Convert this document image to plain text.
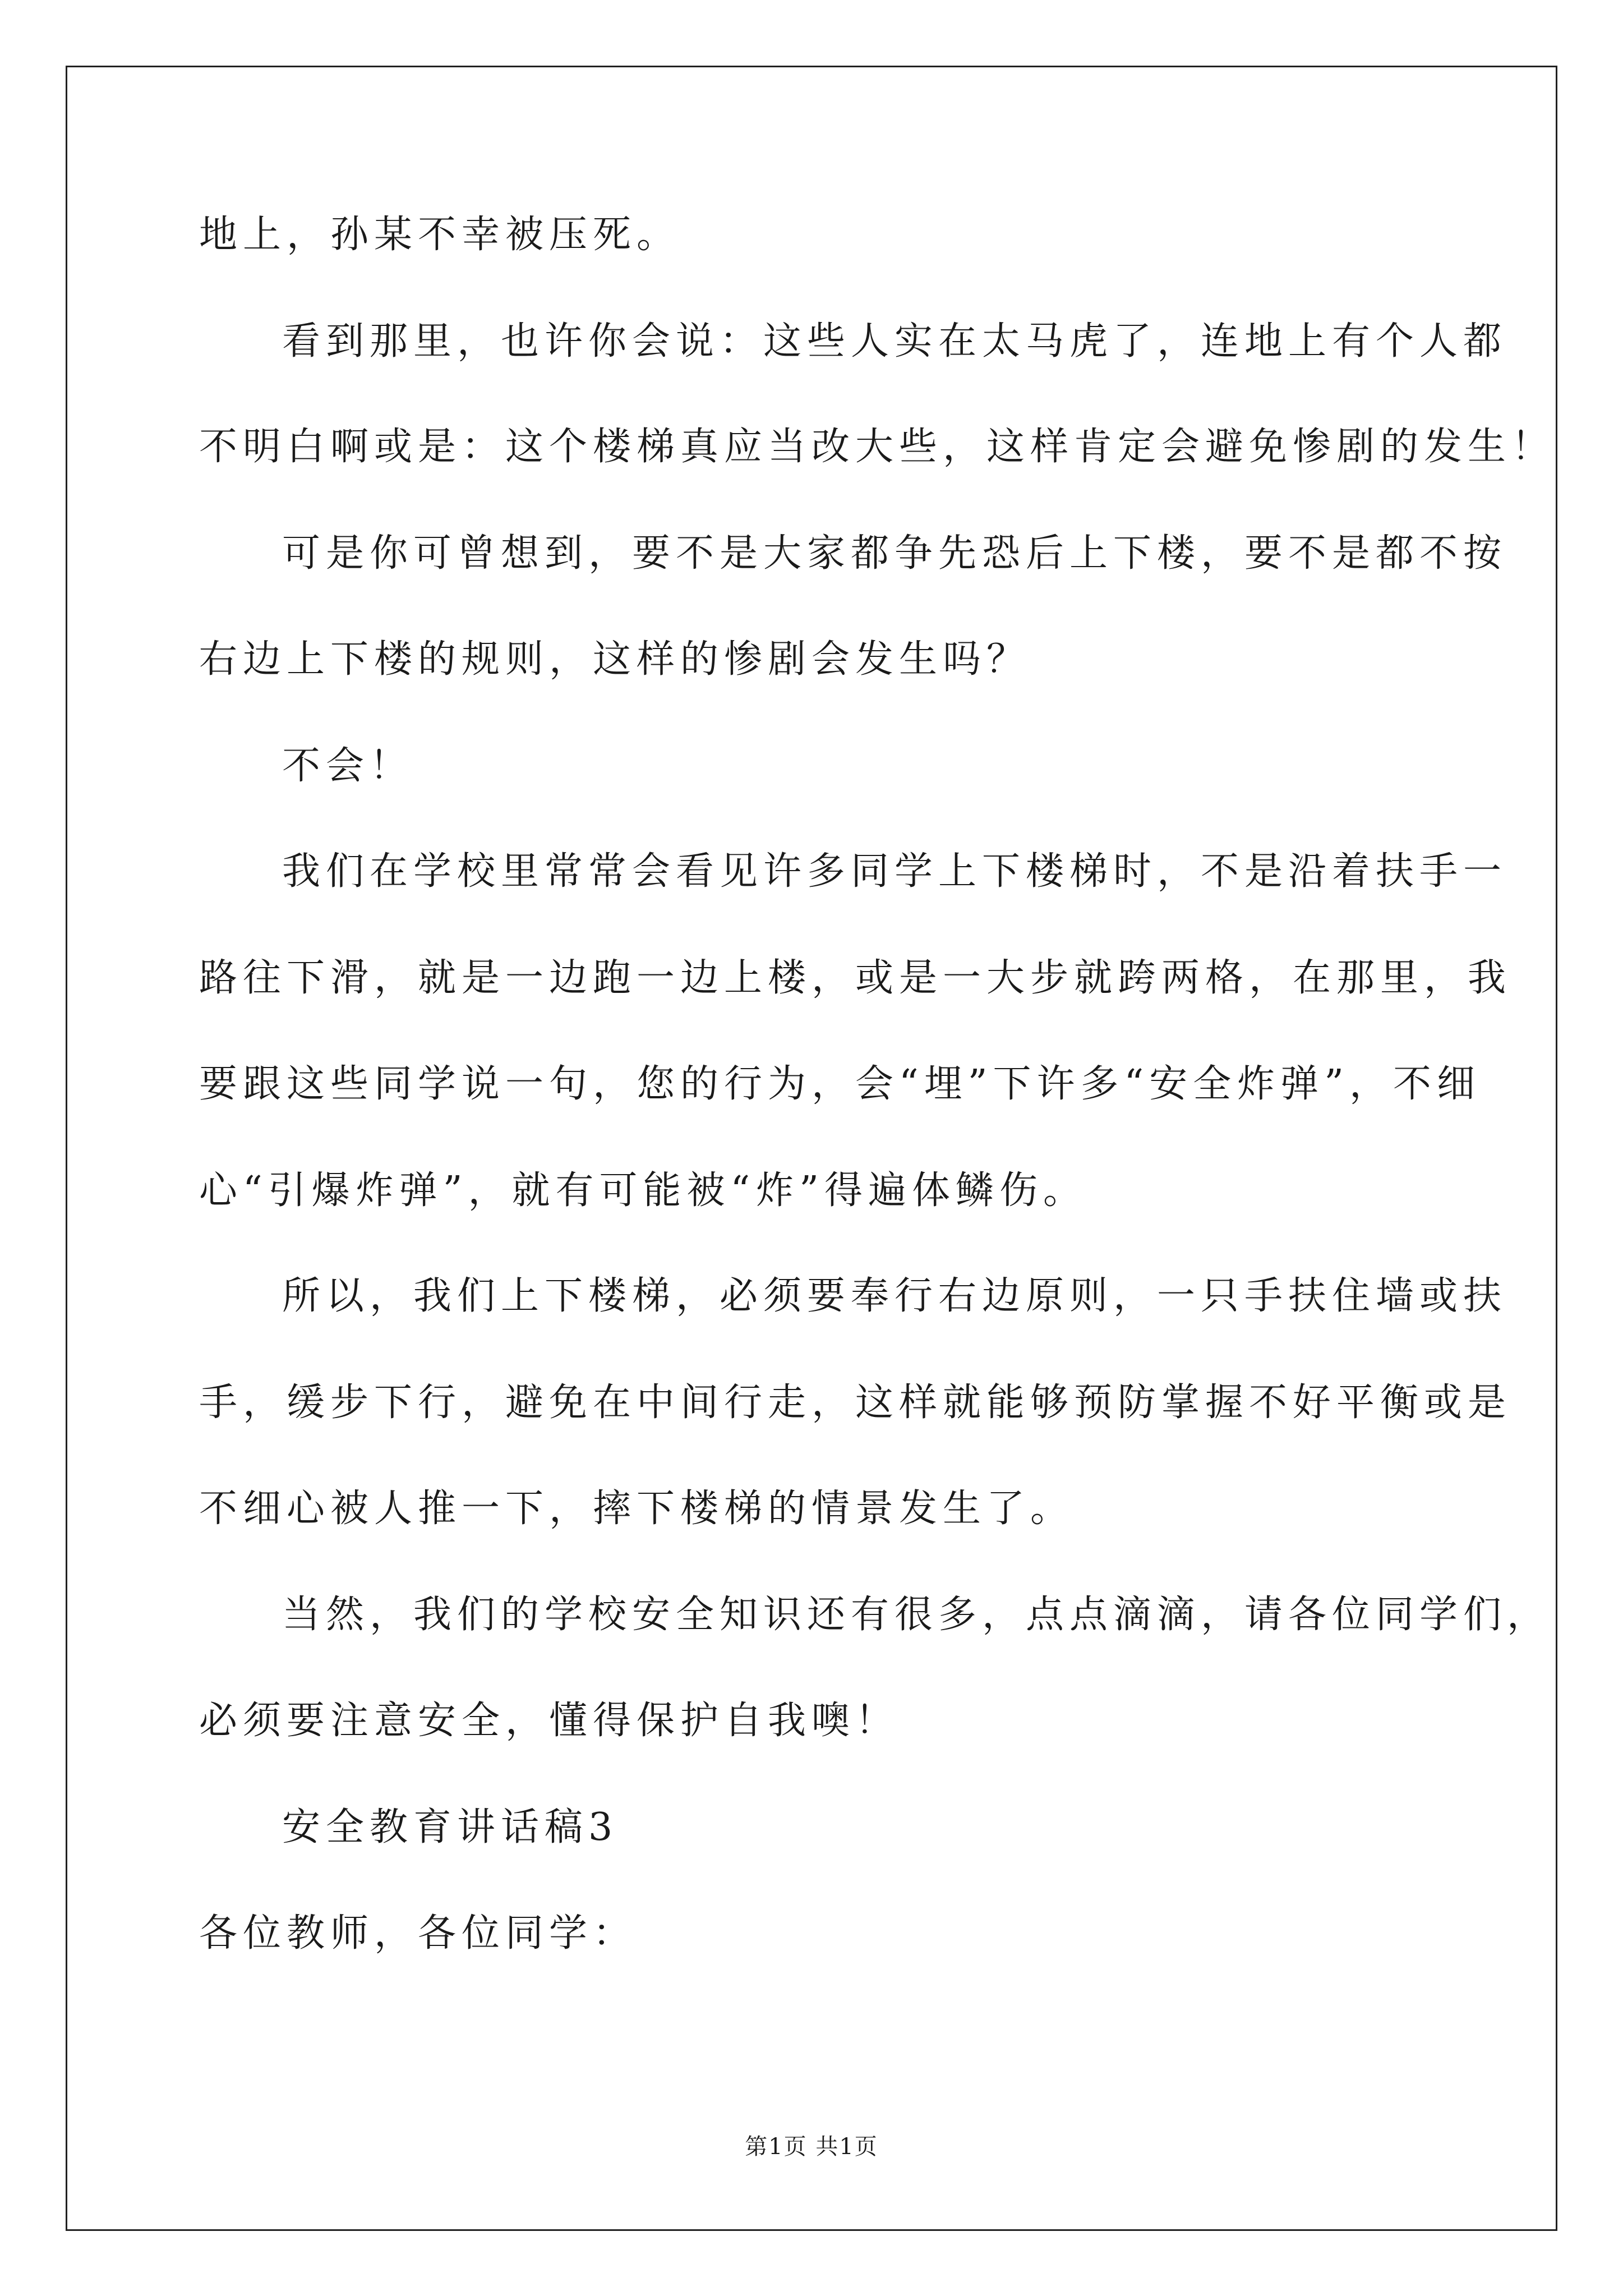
地上，孙某不幸被压死。
看到那里，也许你会说：这些人实在太马虎了，连地上有个人都
不明白啊或是：这个楼梯真应当改大些，这样肯定会避免惨剧的发生！
可是你可曾想到，要不是大家都争先恐后上下楼，要不是都不按
右边上下楼的规则，这样的惨剧会发生吗？
不会！
我们在学校里常常会看见许多同学上下楼梯时，不是沿着扶手一
路往下滑，就是一边跑一边上楼，或是一大步就跨两格，在那里，我
要跟这些同学说一句，您的行为，会“埋”下许多“安全炸弹”，不细
心“引爆炸弹”，就有可能被“炸”得遍体鳞伤。
所以，我们上下楼梯，必须要奉行右边原则，一只手扶住墙或扶
手，缓步下行，避免在中间行走，这样就能够预防掌握不好平衡或是
不细心被人推一下，摔下楼梯的情景发生了。
当然，我们的学校安全知识还有很多，点点滴滴，请各位同学们，
必须要注意安全，懂得保护自我噢！
安全教育讲话稿3
各位教师，各位同学：
第1页 共1页
